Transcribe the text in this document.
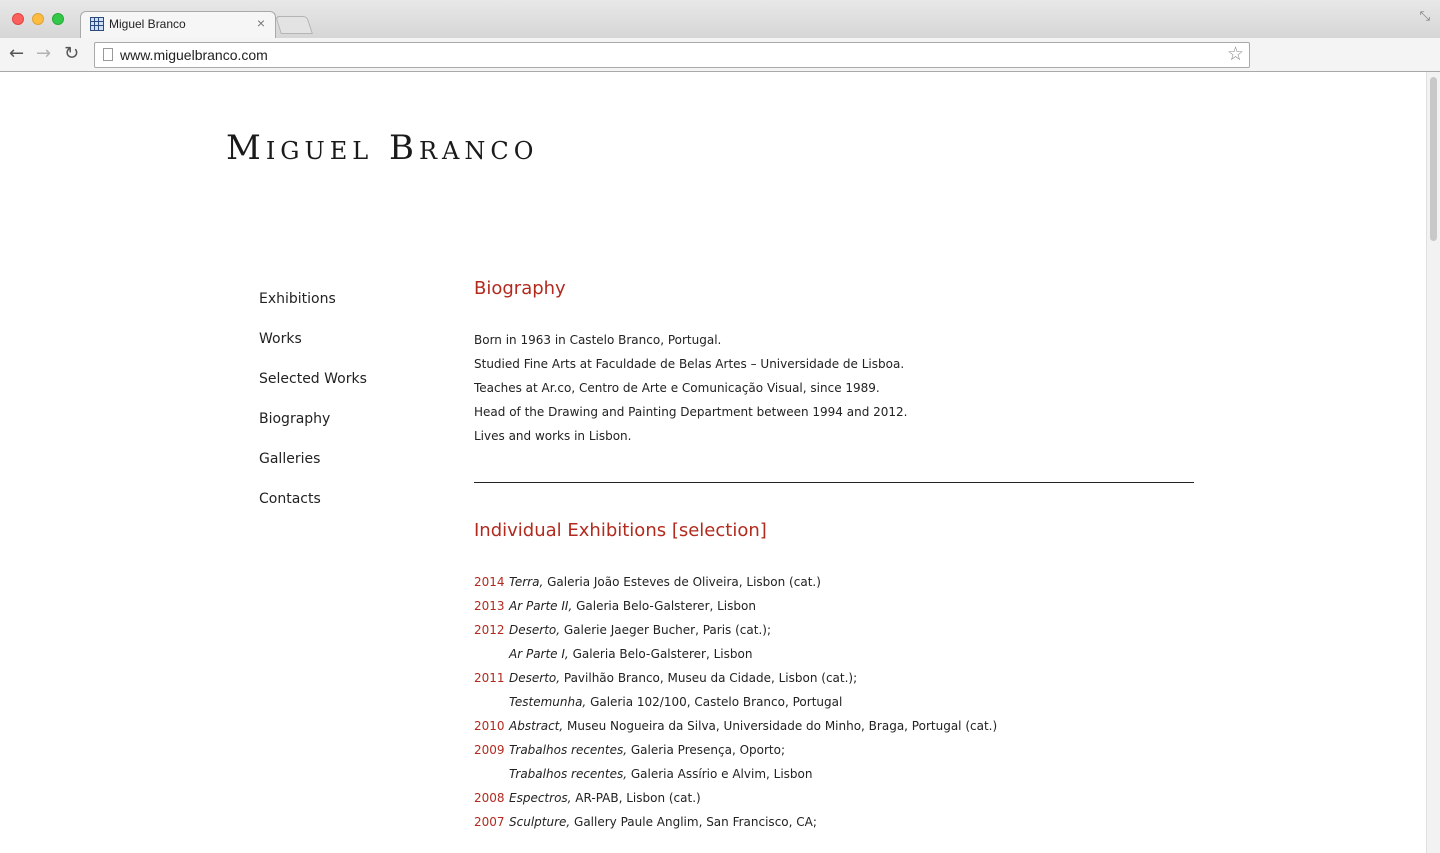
Miguel Branco	×	⤡
← → ↻	www.miguelbranco.com	☆
Miguel Branco
Exhibitions
Works
Selected Works
Biography
Galleries
Contacts
Biography
Born in 1963 in Castelo Branco, Portugal.
Studied Fine Arts at Faculdade de Belas Artes – Universidade de Lisboa.
Teaches at Ar.co, Centro de Arte e Comunicação Visual, since 1989.
Head of the Drawing and Painting Department between 1994 and 2012.
Lives and works in Lisbon.
Individual Exhibitions [selection]
2014 Terra, Galeria João Esteves de Oliveira, Lisbon (cat.)
2013 Ar Parte II, Galeria Belo-Galsterer, Lisbon
2012 Deserto, Galerie Jaeger Bucher, Paris (cat.);
Ar Parte I, Galeria Belo-Galsterer, Lisbon
2011 Deserto, Pavilhão Branco, Museu da Cidade, Lisbon (cat.);
Testemunha, Galeria 102/100, Castelo Branco, Portugal
2010 Abstract, Museu Nogueira da Silva, Universidade do Minho, Braga, Portugal (cat.)
2009 Trabalhos recentes, Galeria Presença, Oporto;
Trabalhos recentes, Galeria Assírio e Alvim, Lisbon
2008 Espectros, AR-PAB, Lisbon (cat.)
2007 Sculpture, Gallery Paule Anglim, San Francisco, CA;
